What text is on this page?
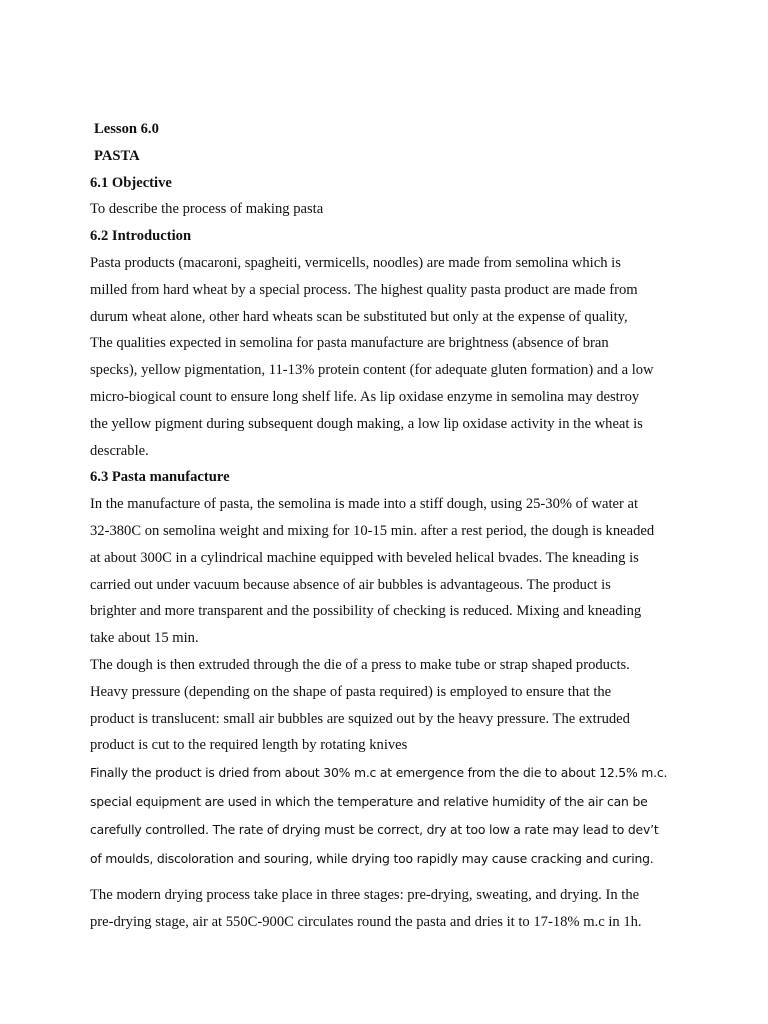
Lesson 6.0
PASTA
6.1 Objective
To describe the process of making pasta
6.2 Introduction
Pasta products (macaroni, spagheiti, vermicells, noodles) are made from semolina which is
milled from hard wheat by a special process. The highest quality pasta product are made from
durum wheat alone, other hard wheats scan be substituted but only at the expense of quality,
The qualities expected in semolina for pasta manufacture are brightness (absence of bran
specks), yellow pigmentation, 11-13% protein content (for adequate gluten formation) and a low
micro-biogical count to ensure long shelf life. As lip oxidase enzyme in semolina may destroy
the yellow pigment during subsequent dough making, a low lip oxidase activity in the wheat is
descrable.
6.3 Pasta manufacture
In the manufacture of pasta, the semolina is made into a stiff dough, using 25-30% of water at
32-380C on semolina weight and mixing for 10-15 min. after a rest period, the dough is kneaded
at about 300C in a cylindrical machine equipped with beveled helical bvades. The kneading is
carried out under vacuum because absence of air bubbles is advantageous. The product is
brighter and more transparent and the possibility of checking is reduced. Mixing and kneading
take about 15 min.
The dough is then extruded through the die of a press to make tube or strap shaped products.
Heavy pressure (depending on the shape of pasta required) is employed to ensure that the
product is translucent: small air bubbles are squized out by the heavy pressure. The extruded
product is cut to the required length by rotating knives
Finally the product is dried from about 30% m.c at emergence from the die to about 12.5% m.c.
special equipment are used in which the temperature and relative humidity of the air can be
carefully controlled. The rate of drying must be correct, dry at too low a rate may lead to dev’t
of moulds, discoloration and souring, while drying too rapidly may cause cracking and curing.
The modern drying process take place in three stages: pre-drying, sweating, and drying. In the
pre-drying stage, air at 550C-900C circulates round the pasta and dries it to 17-18% m.c in 1h.
